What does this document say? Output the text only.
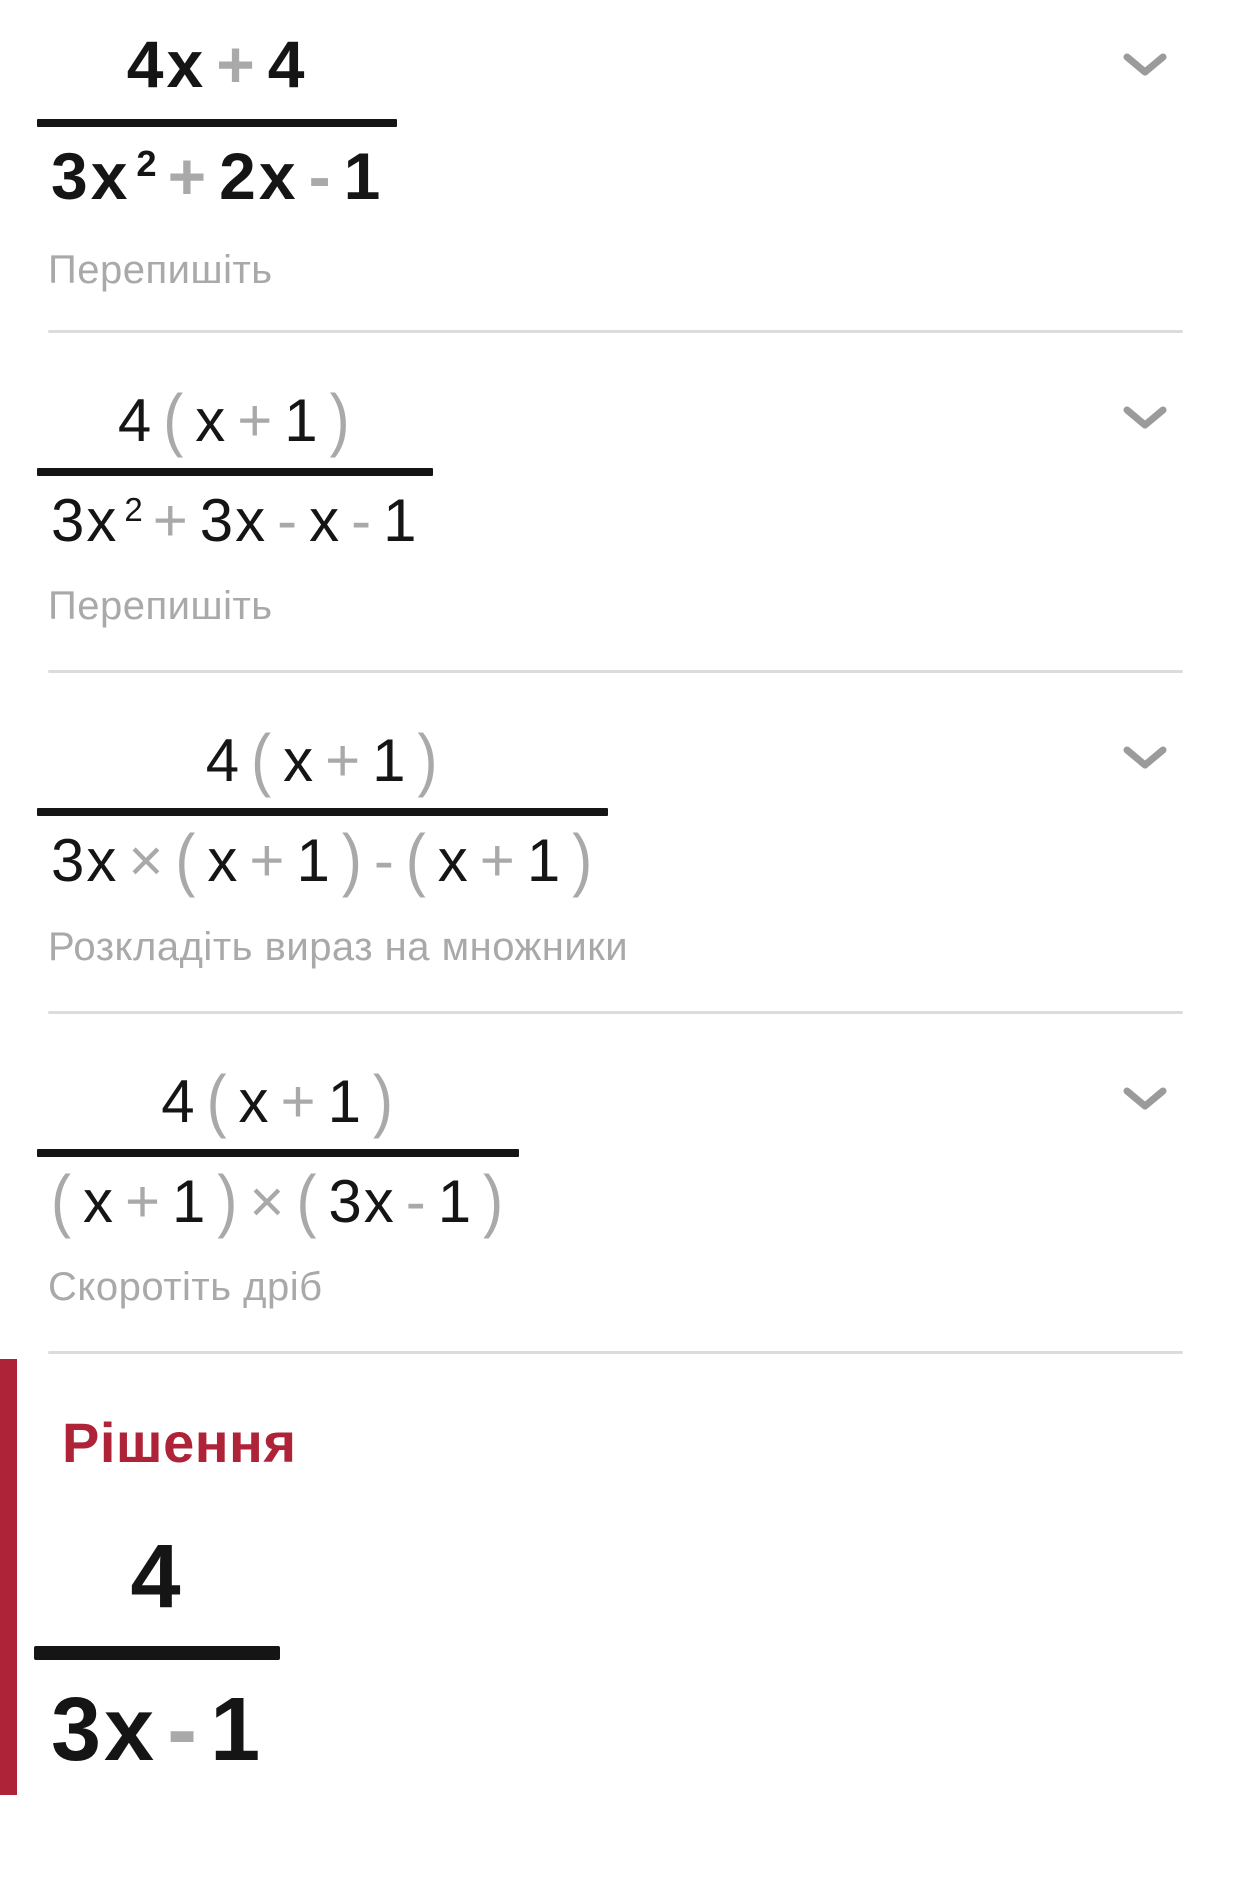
4x + 4
3x 2 + 2x - 1
Перепишіть
4 ( x + 1 )
3x 2 + 3x - x - 1
Перепишіть
4 ( x + 1 )
3x × ( x + 1 ) - ( x + 1 )
Розкладіть вираз на множники
4 ( x + 1 )
( x + 1 ) × ( 3x - 1 )
Скоротіть дріб
Рішення
4
3x - 1
